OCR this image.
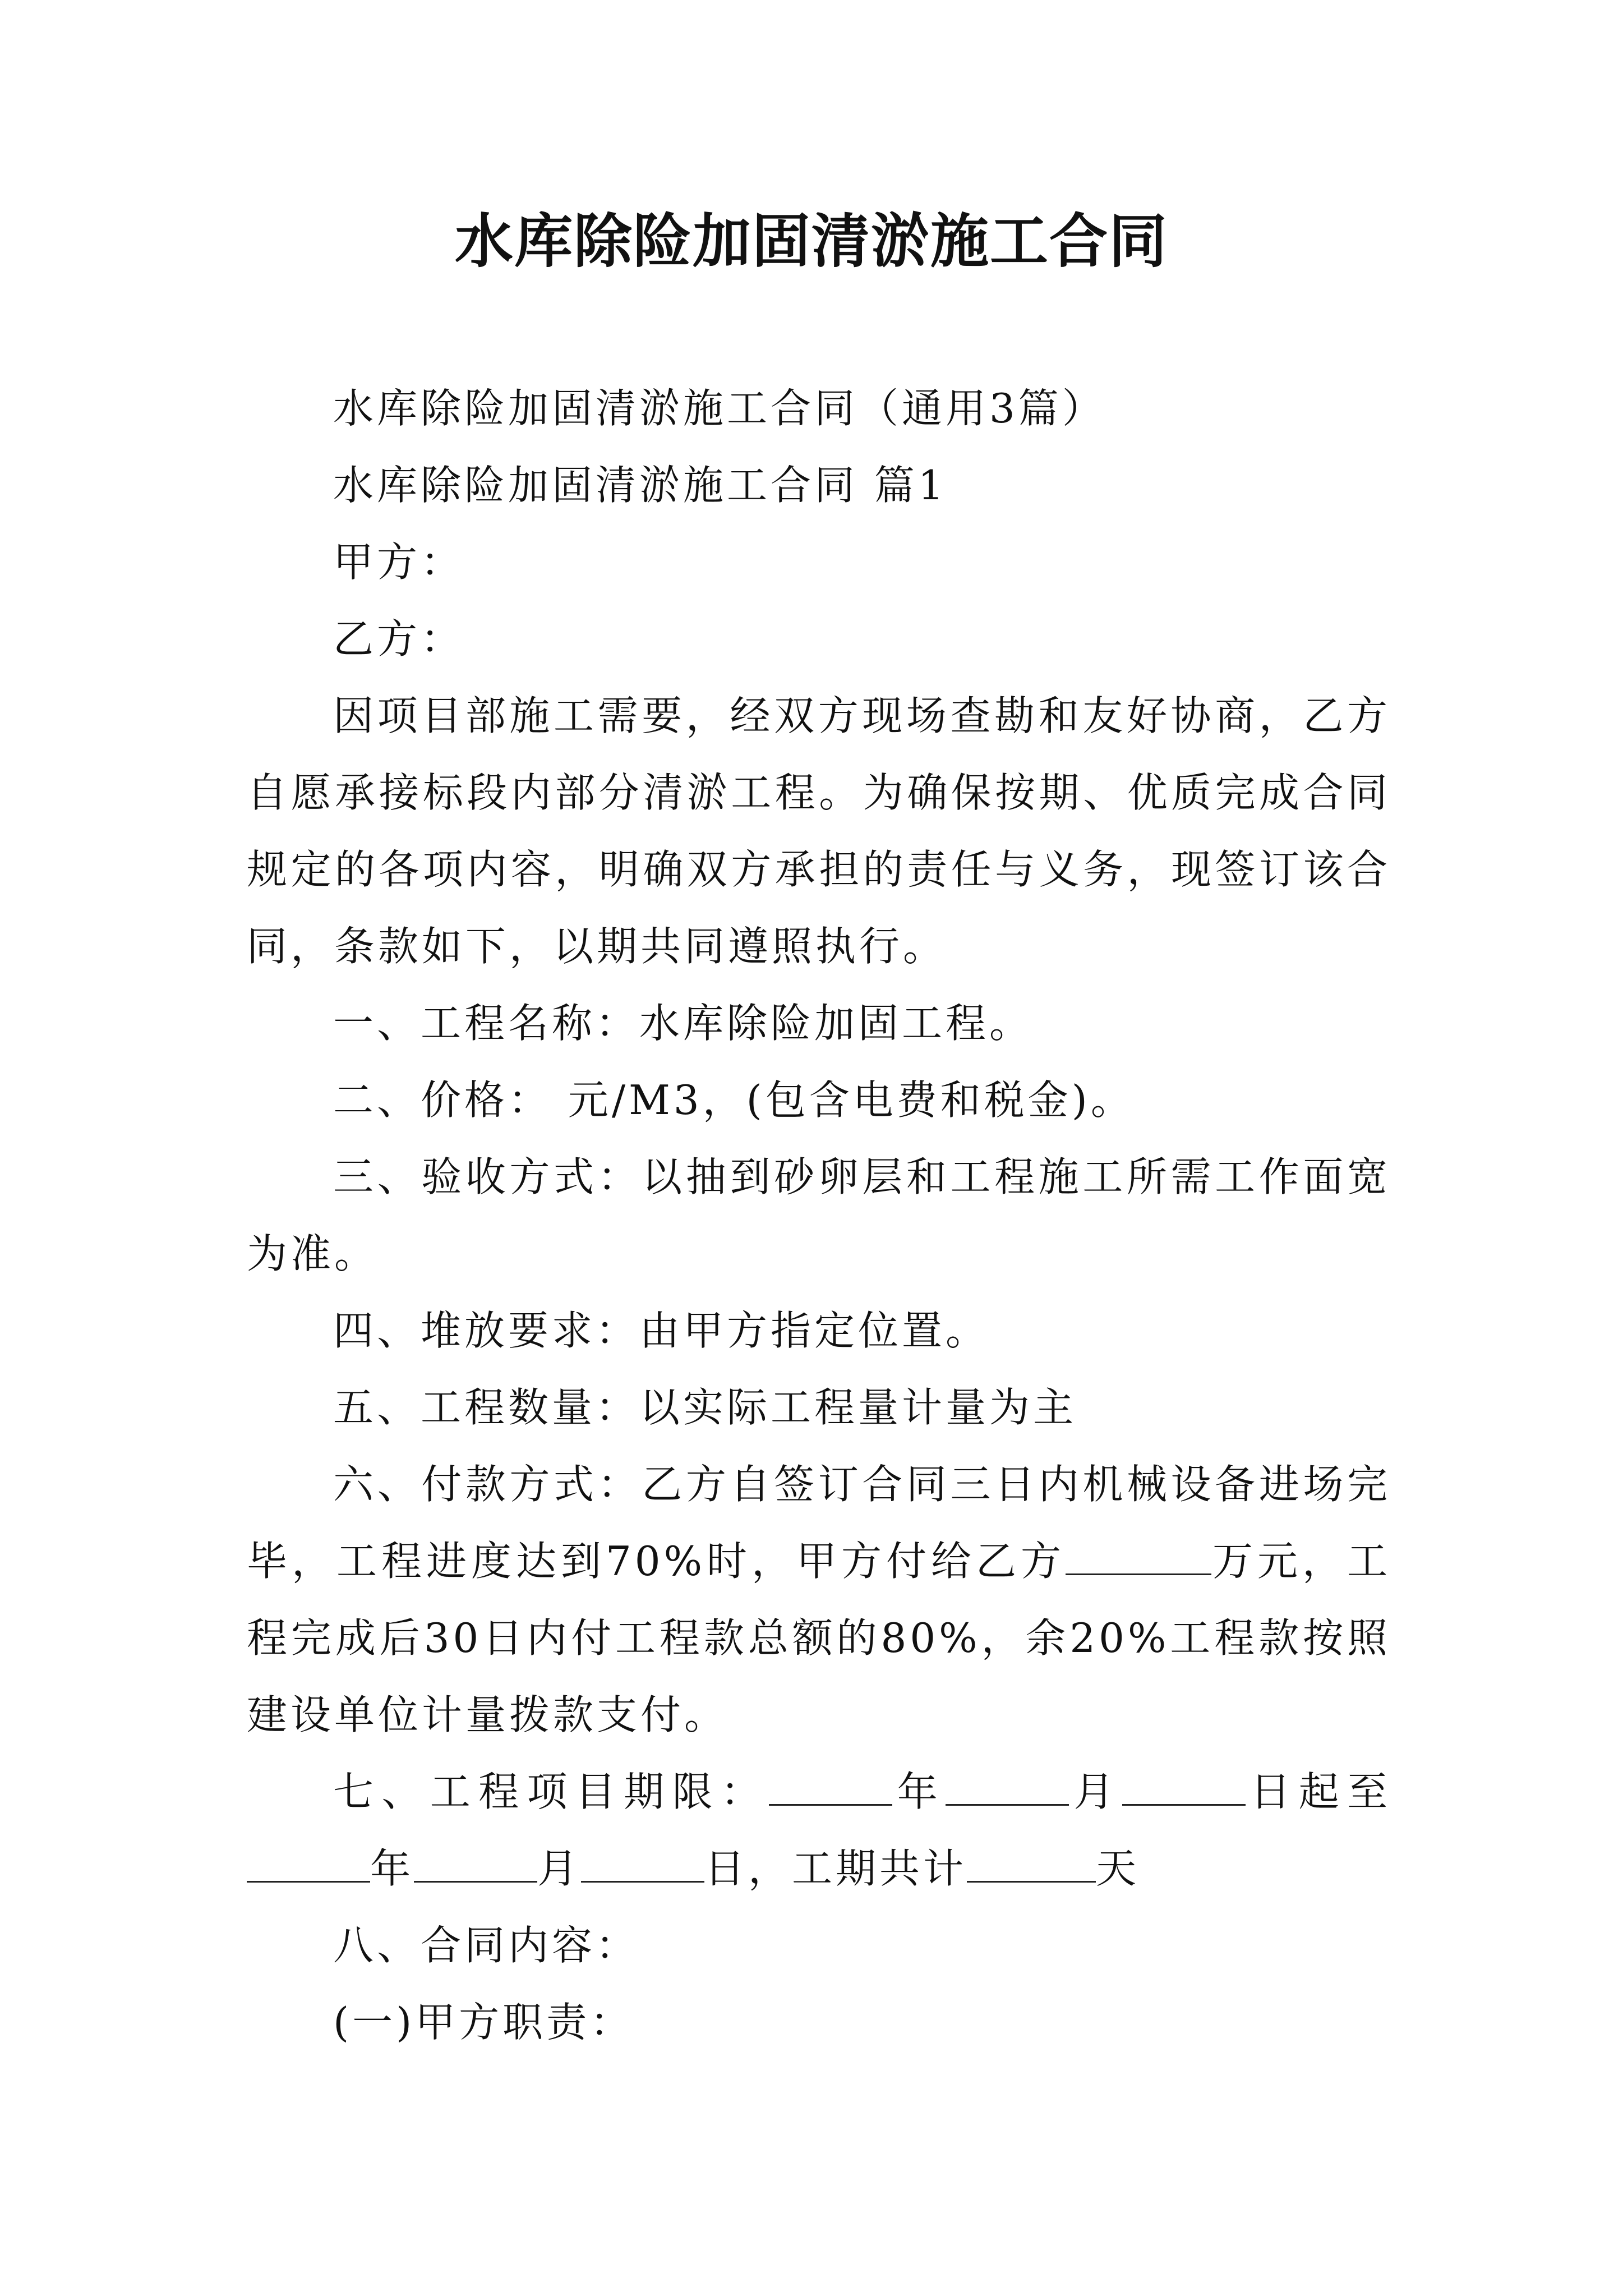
水库除险加固清淤施工合同

水库除险加固清淤施工合同（通用3篇）

水库除险加固清淤施工合同 篇1

甲方：

乙方：

因项目部施工需要，经双方现场查勘和友好协商，乙方自愿承接标段内部分清淤工程。为确保按期、优质完成合同规定的各项内容，明确双方承担的责任与义务，现签订该合同，条款如下，以期共同遵照执行。

一、工程名称：水库除险加固工程。

二、价格： 元/M3，(包含电费和税金)。

三、验收方式：以抽到砂卵层和工程施工所需工作面宽为准。

四、堆放要求：由甲方指定位置。

五、工程数量：以实际工程量计量为主

六、付款方式：乙方自签订合同三日内机械设备进场完毕，工程进度达到70%时，甲方付给乙方	万元，工程完成后30日内付工程款总额的80%，余20%工程款按照建设单位计量拨款支付。

七、工程项目期限：	年	月	日起至年	月	日，工期共计	天

八、合同内容：

(一)甲方职责：
